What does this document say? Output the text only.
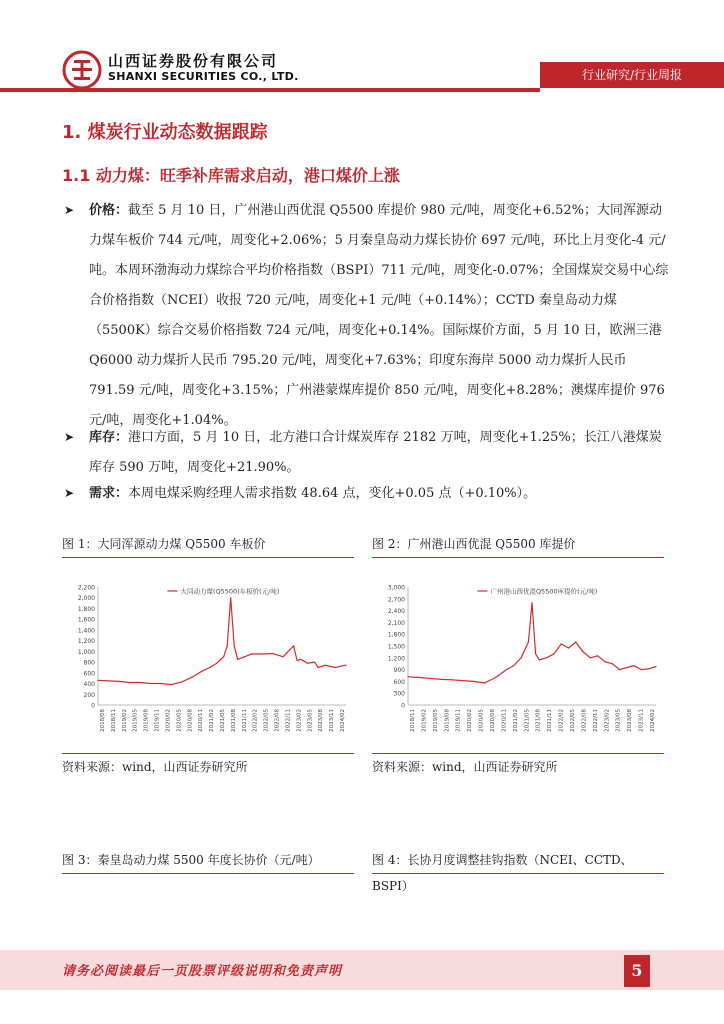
山西证券股份有限公司
SHANXI SECURITIES CO., LTD.	行业研究/行业周报
1. 煤炭行业动态数据跟踪
1.1 动力煤：旺季补库需求启动，港口煤价上涨
➤ 价格：截至 5 月 10 日，广州港山西优混 Q5500 库提价 980 元/吨，周变化+6.52%；大同浑源动力煤车板价 744 元/吨，周变化+2.06%；5 月秦皇岛动力煤长协价 697 元/吨，环比上月变化-4 元/吨。本周环渤海动力煤综合平均价格指数（BSPI）711 元/吨，周变化-0.07%；全国煤炭交易中心综合价格指数（NCEI）收报 720 元/吨，周变化+1 元/吨（+0.14%）；CCTD 秦皇岛动力煤（5500K）综合交易价格指数 724 元/吨，周变化+0.14%。国际煤价方面，5 月 10 日，欧洲三港 Q6000 动力煤折人民币 795.20 元/吨，周变化+7.63%；印度东海岸 5000 动力煤折人民币 791.59 元/吨，周变化+3.15%；广州港蒙煤库提价 850 元/吨，周变化+8.28%；澳煤库提价 976 元/吨，周变化+1.04%。
➤ 库存：港口方面，5 月 10 日，北方港口合计煤炭库存 2182 万吨，周变化+1.25%；长江八港煤炭库存 590 万吨，周变化+21.90%。
➤ 需求：本周电煤采购经理人需求指数 48.64 点，变化+0.05 点（+0.10%）。
图 1：大同浑源动力煤 Q5500 车板价	图 2：广州港山西优混 Q5500 库提价
0
200
400
600
800
1,000
1,200
1,400
1,600
1,800
2,000
2,200
2018/08 2018/11 2019/02 2019/05 2019/08 2019/11 2020/02 2020/05 2020/08 2020/11 2021/02 2021/05 2021/08 2021/11 2022/02 2022/05 2022/08 2022/11 2023/02 2023/05 2023/08 2023/11 2024/02
大同动力煤(Q5500)车板价(元/吨)
0
300
600
900
1,200
1,500
1,800
2,100
2,400
2,700
3,000
2018/11 2019/02 2019/05 2019/08 2019/11 2020/02 2020/05 2020/08 2020/11 2021/02 2021/05 2021/08 2021/11 2022/02 2022/05 2022/08 2022/11 2023/02 2023/05 2023/08 2023/11 2024/02
广州港山西优混Q5500库提价(元/吨)
资料来源：wind，山西证券研究所	资料来源：wind，山西证券研究所
图 3：秦皇岛动力煤 5500 年度长协价（元/吨）	图 4：长协月度调整挂钩指数（NCEI、CCTD、BSPI）
请务必阅读最后一页股票评级说明和免责声明	5
